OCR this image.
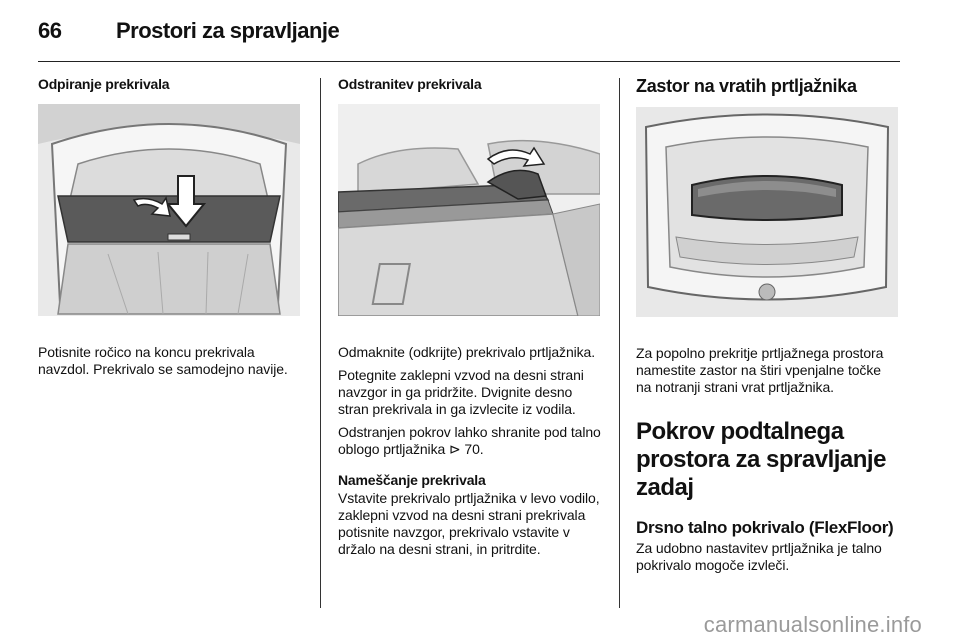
66 Prostori za spravljanje
Odpiranje prekrivala

Potisnite ročico na koncu prekrivala navzdol. Prekrivalo se samodejno navije.

Odstranitev prekrivala

Odmaknite (odkrijte) prekrivalo prtljažnika.

Potegnite zaklepni vzvod na desni strani navzgor in ga pridržite. Dvignite desno stran prekrivala in ga izvlecite iz vodila.

Odstranjen pokrov lahko shranite pod talno oblogo prtljažnika ⊳ 70.

Nameščanje prekrivala

Vstavite prekrivalo prtljažnika v levo vodilo, zaklepni vzvod na desni strani prekrivala potisnite navzgor, prekrivalo vstavite v držalo na desni strani, in pritrdite.

Zastor na vratih prtljažnika

Za popolno prekritje prtljažnega prostora namestite zastor na štiri vpenjalne točke na notranji strani vrat prtljažnika.

Pokrov podtalnega prostora za spravljanje zadaj
Drsno talno pokrivalo (FlexFloor)

Za udobno nastavitev prtljažnika je talno pokrivalo mogoče izvleči.

carmanualsonline.info
